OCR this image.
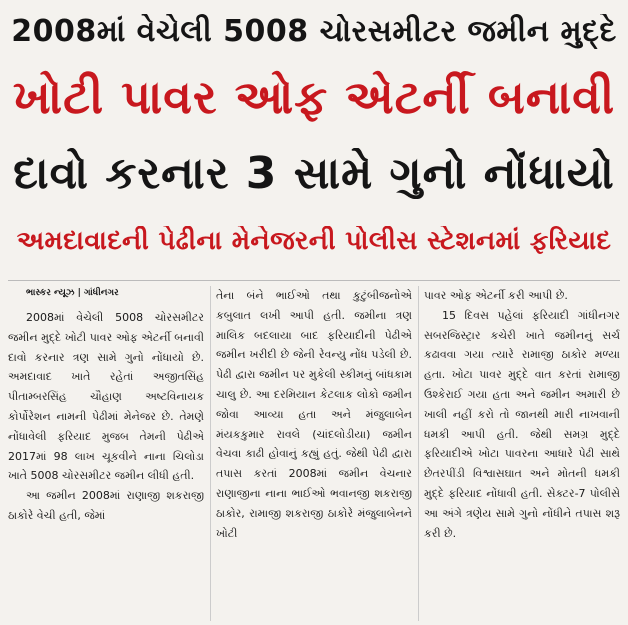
2008માં વેચેલી 5008 ચોરસમીટર જમીન મુદ્દે
ખોટી પાવર ઓફ એટર્ની બનાવી
દાવો કરનાર 3 સામે ગુનો નોંધાયો
અમદાવાદની પેઢીના મેનેજરની પોલીસ સ્ટેશનમાં ફરિયાદ
ભાસ્કર ન્યૂઝ | ગાંધીનગર

2008માં વેચેલી 5008 ચોરસમીટર જમીન મુદ્દે ખોટી પાવર ઓફ એટર્ની બનાવી દાવો કરનાર ત્રણ સામે ગુનો નોંધાયો છે. અમદાવાદ ખાતે રહેતાં અજીતસિંહ પીતામ્બરસિંહ ચૌહાણ અષ્ટવિનાયક કોર્પોરેશન નામની પેઢીમાં મેનેજર છે. તેમણે નોંધાવેલી ફરિયાદ મુજબ તેમની પેઢીએ 2017માં 98 લાખ ચૂકવીને નાના ચિલોડા ખાતે 5008 ચોરસમીટર જમીન લીધી હતી.

આ જમીન 2008માં રાણાજી શકરાજી ઠાકોરે વેચી હતી, જેમાં

તેના બંને ભાઈઓ તથા કુટુંબીજનોએ કબુલાત લખી આપી હતી. જમીના ત્રણ માલિક બદલાયા બાદ ફરિયાદીની પેઢીએ જમીન ખરીદી છે જેની રેવન્યુ નોંધ પડેલી છે. પેઢી દ્વારા જમીન પર મુકેલી સ્કીમનું બાંધકામ ચાલુ છે. આ દરમિયાન કેટલાક લોકો જમીન જોવા આવ્યા હતા અને મંજુલાબેન મંયકકુમાર રાવલે (ચાંદલોડીયા) જમીન વેચવા કાઢી હોવાનું કહ્યું હતું. જેથી પેઢી દ્વારા તપાસ કરતાં 2008માં જમીન વેચનાર રાણાજીના નાના ભાઈઓ ભવાનજી શકરાજી ઠાકોર, રામાજી શકરાજી ઠાકોરે મંજુલાબેનને ખોટી

પાવર ઓફ એટર્ની કરી આપી છે.

15 દિવસ પહેલાં ફરિયાદી ગાંધીનગર સબરજિસ્ટ્રાર કચેરી ખાતે જમીનનું સર્ચ કઢાવવા ગયા ત્યારે રામાજી ઠાકોર મળ્યા હતા. ખોટા પાવર મુદ્દે વાત કરતાં રામાજી ઉશ્કેરાઈ ગયા હતા અને જમીન અમારી છે ખાલી નહીં કરો તો જાનથી મારી નાખવાની ધમકી આપી હતી. જેથી સમગ્ર મુદ્દે ફરિયાદીએ ખોટા પાવરના આધારે પેઢી સાથે છેતરપીંડી વિશ્વાસઘાત અને મોતની ધમકી મુદ્દે ફરિયાદ નોંધાવી હતી. સેક્ટર-7 પોલીસે આ અંગે ત્રણેય સામે ગુનો નોંધીને તપાસ શરૂ કરી છે.
